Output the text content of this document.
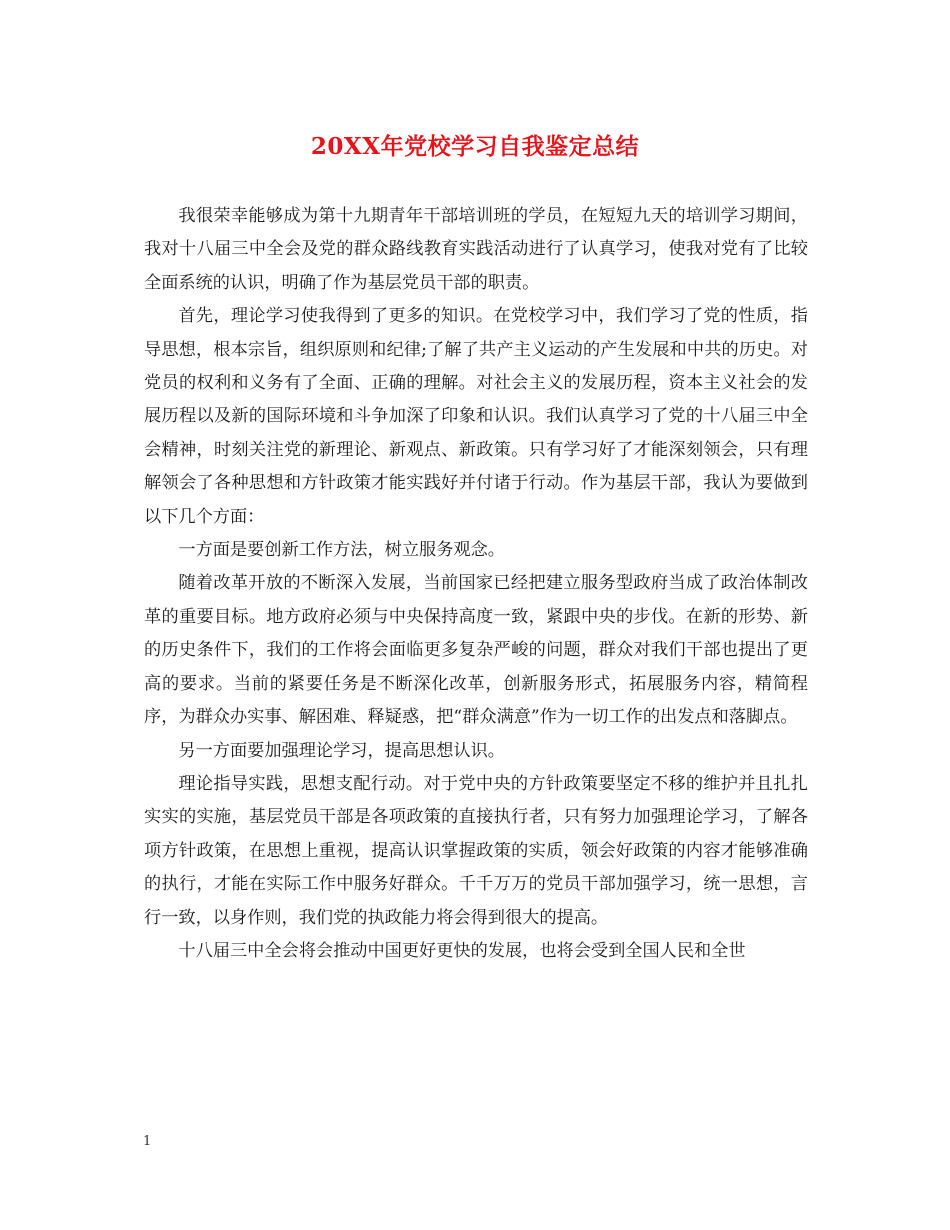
20XX年党校学习自我鉴定总结

我很荣幸能够成为第十九期青年干部培训班的学员，在短短九天的培训学习期间，我对十八届三中全会及党的群众路线教育实践活动进行了认真学习，使我对党有了比较全面系统的认识，明确了作为基层党员干部的职责。

首先，理论学习使我得到了更多的知识。在党校学习中，我们学习了党的性质，指导思想，根本宗旨，组织原则和纪律;了解了共产主义运动的产生发展和中共的历史。对党员的权利和义务有了全面、正确的理解。对社会主义的发展历程，资本主义社会的发展历程以及新的国际环境和斗争加深了印象和认识。我们认真学习了党的十八届三中全会精神，时刻关注党的新理论、新观点、新政策。只有学习好了才能深刻领会，只有理解领会了各种思想和方针政策才能实践好并付诸于行动。作为基层干部，我认为要做到以下几个方面：

一方面是要创新工作方法，树立服务观念。

随着改革开放的不断深入发展，当前国家已经把建立服务型政府当成了政治体制改革的重要目标。地方政府必须与中央保持高度一致，紧跟中央的步伐。在新的形势、新的历史条件下，我们的工作将会面临更多复杂严峻的问题，群众对我们干部也提出了更高的要求。当前的紧要任务是不断深化改革，创新服务形式，拓展服务内容，精简程序，为群众办实事、解困难、释疑惑，把“群众满意”作为一切工作的出发点和落脚点。

另一方面要加强理论学习，提高思想认识。

理论指导实践，思想支配行动。对于党中央的方针政策要坚定不移的维护并且扎扎实实的实施，基层党员干部是各项政策的直接执行者，只有努力加强理论学习，了解各项方针政策，在思想上重视，提高认识掌握政策的实质，领会好政策的内容才能够准确的执行，才能在实际工作中服务好群众。千千万万的党员干部加强学习，统一思想，言行一致，以身作则，我们党的执政能力将会得到很大的提高。

十八届三中全会将会推动中国更好更快的发展，也将会受到全国人民和全世

1
